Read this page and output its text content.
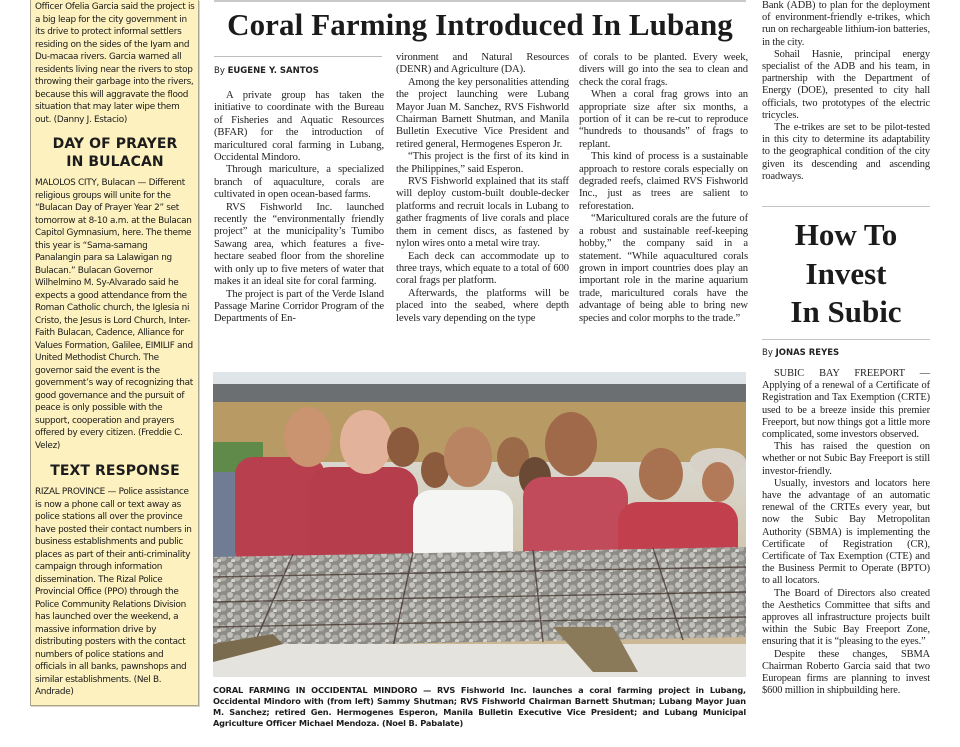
Officer Ofelia Garcia said the project is a big leap for the city government in its drive to protect informal settlers residing on the sides of the Iyam and Du-macaa rivers. Garcia warned all residents living near the rivers to stop throwing their garbage into the rivers, because this will aggravate the flood situation that may later wipe them out. (Danny J. Estacio)

DAY OF PRAYER
IN BULACAN

MALOLOS CITY, Bulacan — Different religious groups will unite for the “Bulacan Day of Prayer Year 2” set tomorrow at 8-10 a.m. at the Bulacan Capitol Gymnasium, here. The theme this year is “Sama-samang Panalangin para sa Lalawigan ng Bulacan.” Bulacan Governor Wilhelmino M. Sy-Alvarado said he expects a good attendance from the Roman Catholic church, the Iglesia ni Cristo, the Jesus is Lord Church, Inter-Faith Bulacan, Cadence, Alliance for Values Formation, Galilee, EIMILIF and United Methodist Church. The governor said the event is the government’s way of recognizing that good governance and the pursuit of peace is only possible with the support, cooperation and prayers offered by every citizen. (Freddie C. Velez)

TEXT RESPONSE

RIZAL PROVINCE — Police assistance is now a phone call or text away as police stations all over the province have posted their contact numbers in business establishments and public places as part of their anti-criminality campaign through information dissemination. The Rizal Police Provincial Office (PPO) through the Police Community Relations Division has launched over the weekend, a massive information drive by distributing posters with the contact numbers of police stations and officials in all banks, pawnshops and similar establishments. (Nel B. Andrade)

Coral Farming Introduced In Lubang
By EUGENE Y. SANTOS

A private group has taken the initiative to coordinate with the Bureau of Fisheries and Aquatic Resources (BFAR) for the introduction of maricultured coral farming in Lubang, Occidental Mindoro.

Through mariculture, a specialized branch of aquaculture, corals are cultivated in open ocean-based farms.

RVS Fishworld Inc. launched recently the “environmentally friendly project” at the municipality’s Tumibo Sawang area, which features a five-hectare seabed floor from the shoreline with only up to five meters of water that makes it an ideal site for coral farming.

The project is part of the Verde Island Passage Marine Corridor Program of the Departments of En-

vironment and Natural Resources (DENR) and Agriculture (DA).

Among the key personalities attending the project launching were Lubang Mayor Juan M. Sanchez, RVS Fishworld Chairman Barnett Shutman, and Manila Bulletin Executive Vice President and retired general, Hermogenes Esperon Jr.

“This project is the first of its kind in the Philippines,” said Esperon.

RVS Fishworld explained that its staff will deploy custom-built double-decker platforms and recruit locals in Lubang to gather fragments of live corals and place them in cement discs, as fastened by nylon wires onto a metal wire tray.

Each deck can accommodate up to three trays, which equate to a total of 600 coral frags per platform.

Afterwards, the platforms will be placed into the seabed, where depth levels vary depending on the type

of corals to be planted. Every week, divers will go into the sea to clean and check the coral frags.

When a coral frag grows into an appropriate size after six months, a portion of it can be re-cut to reproduce “hundreds to thousands” of frags to replant.

This kind of process is a sustainable approach to restore corals especially on degraded reefs, claimed RVS Fishworld Inc., just as trees are salient to reforestation.

“Maricultured corals are the future of a robust and sustainable reef-keeping hobby,” the company said in a statement. “While aquacultured corals grown in import countries does play an important role in the marine aquarium trade, maricultured corals have the advantage of being able to bring new species and color morphs to the trade.”

CORAL FARMING IN OCCIDENTAL MINDORO — RVS Fishworld Inc. launches a coral farming project in Lubang, Occidental Mindoro with (from left) Sammy Shutman; RVS Fishworld Chairman Barnett Shutman; Lubang Mayor Juan M. Sanchez; retired Gen. Hermogenes Esperon, Manila Bulletin Executive Vice President; and Lubang Municipal Agriculture Officer Michael Mendoza. (Noel B. Pabalate)

Bank (ADB) to plan for the deployment of environment-friendly e-trikes, which run on rechargeable lithium-ion batteries, in the city.

Sohail Hasnie, principal energy specialist of the ADB and his team, in partnership with the Department of Energy (DOE), presented to city hall officials, two prototypes of the electric tricycles.

The e-trikes are set to be pilot-tested in this city to determine its adaptability to the geographical condition of the city given its descending and ascending roadways.

How To
Invest
In Subic
By JONAS REYES

SUBIC BAY FREEPORT — Applying of a renewal of a Certificate of Registration and Tax Exemption (CRTE) used to be a breeze inside this premier Freeport, but now things got a little more complicated, some investors observed.

This has raised the question on whether or not Subic Bay Freeport is still investor-friendly.

Usually, investors and locators here have the advantage of an automatic renewal of the CRTEs every year, but now the Subic Bay Metropolitan Authority (SBMA) is implementing the Certificate of Registration (CR), Certificate of Tax Exemption (CTE) and the Business Permit to Operate (BPTO) to all locators.

The Board of Directors also created the Aesthetics Committee that sifts and approves all infrastructure projects built within the Subic Bay Freeport Zone, ensuring that it is “pleasing to the eyes.”

Despite these changes, SBMA Chairman Roberto Garcia said that two European firms are planning to invest $600 million in shipbuilding here.
